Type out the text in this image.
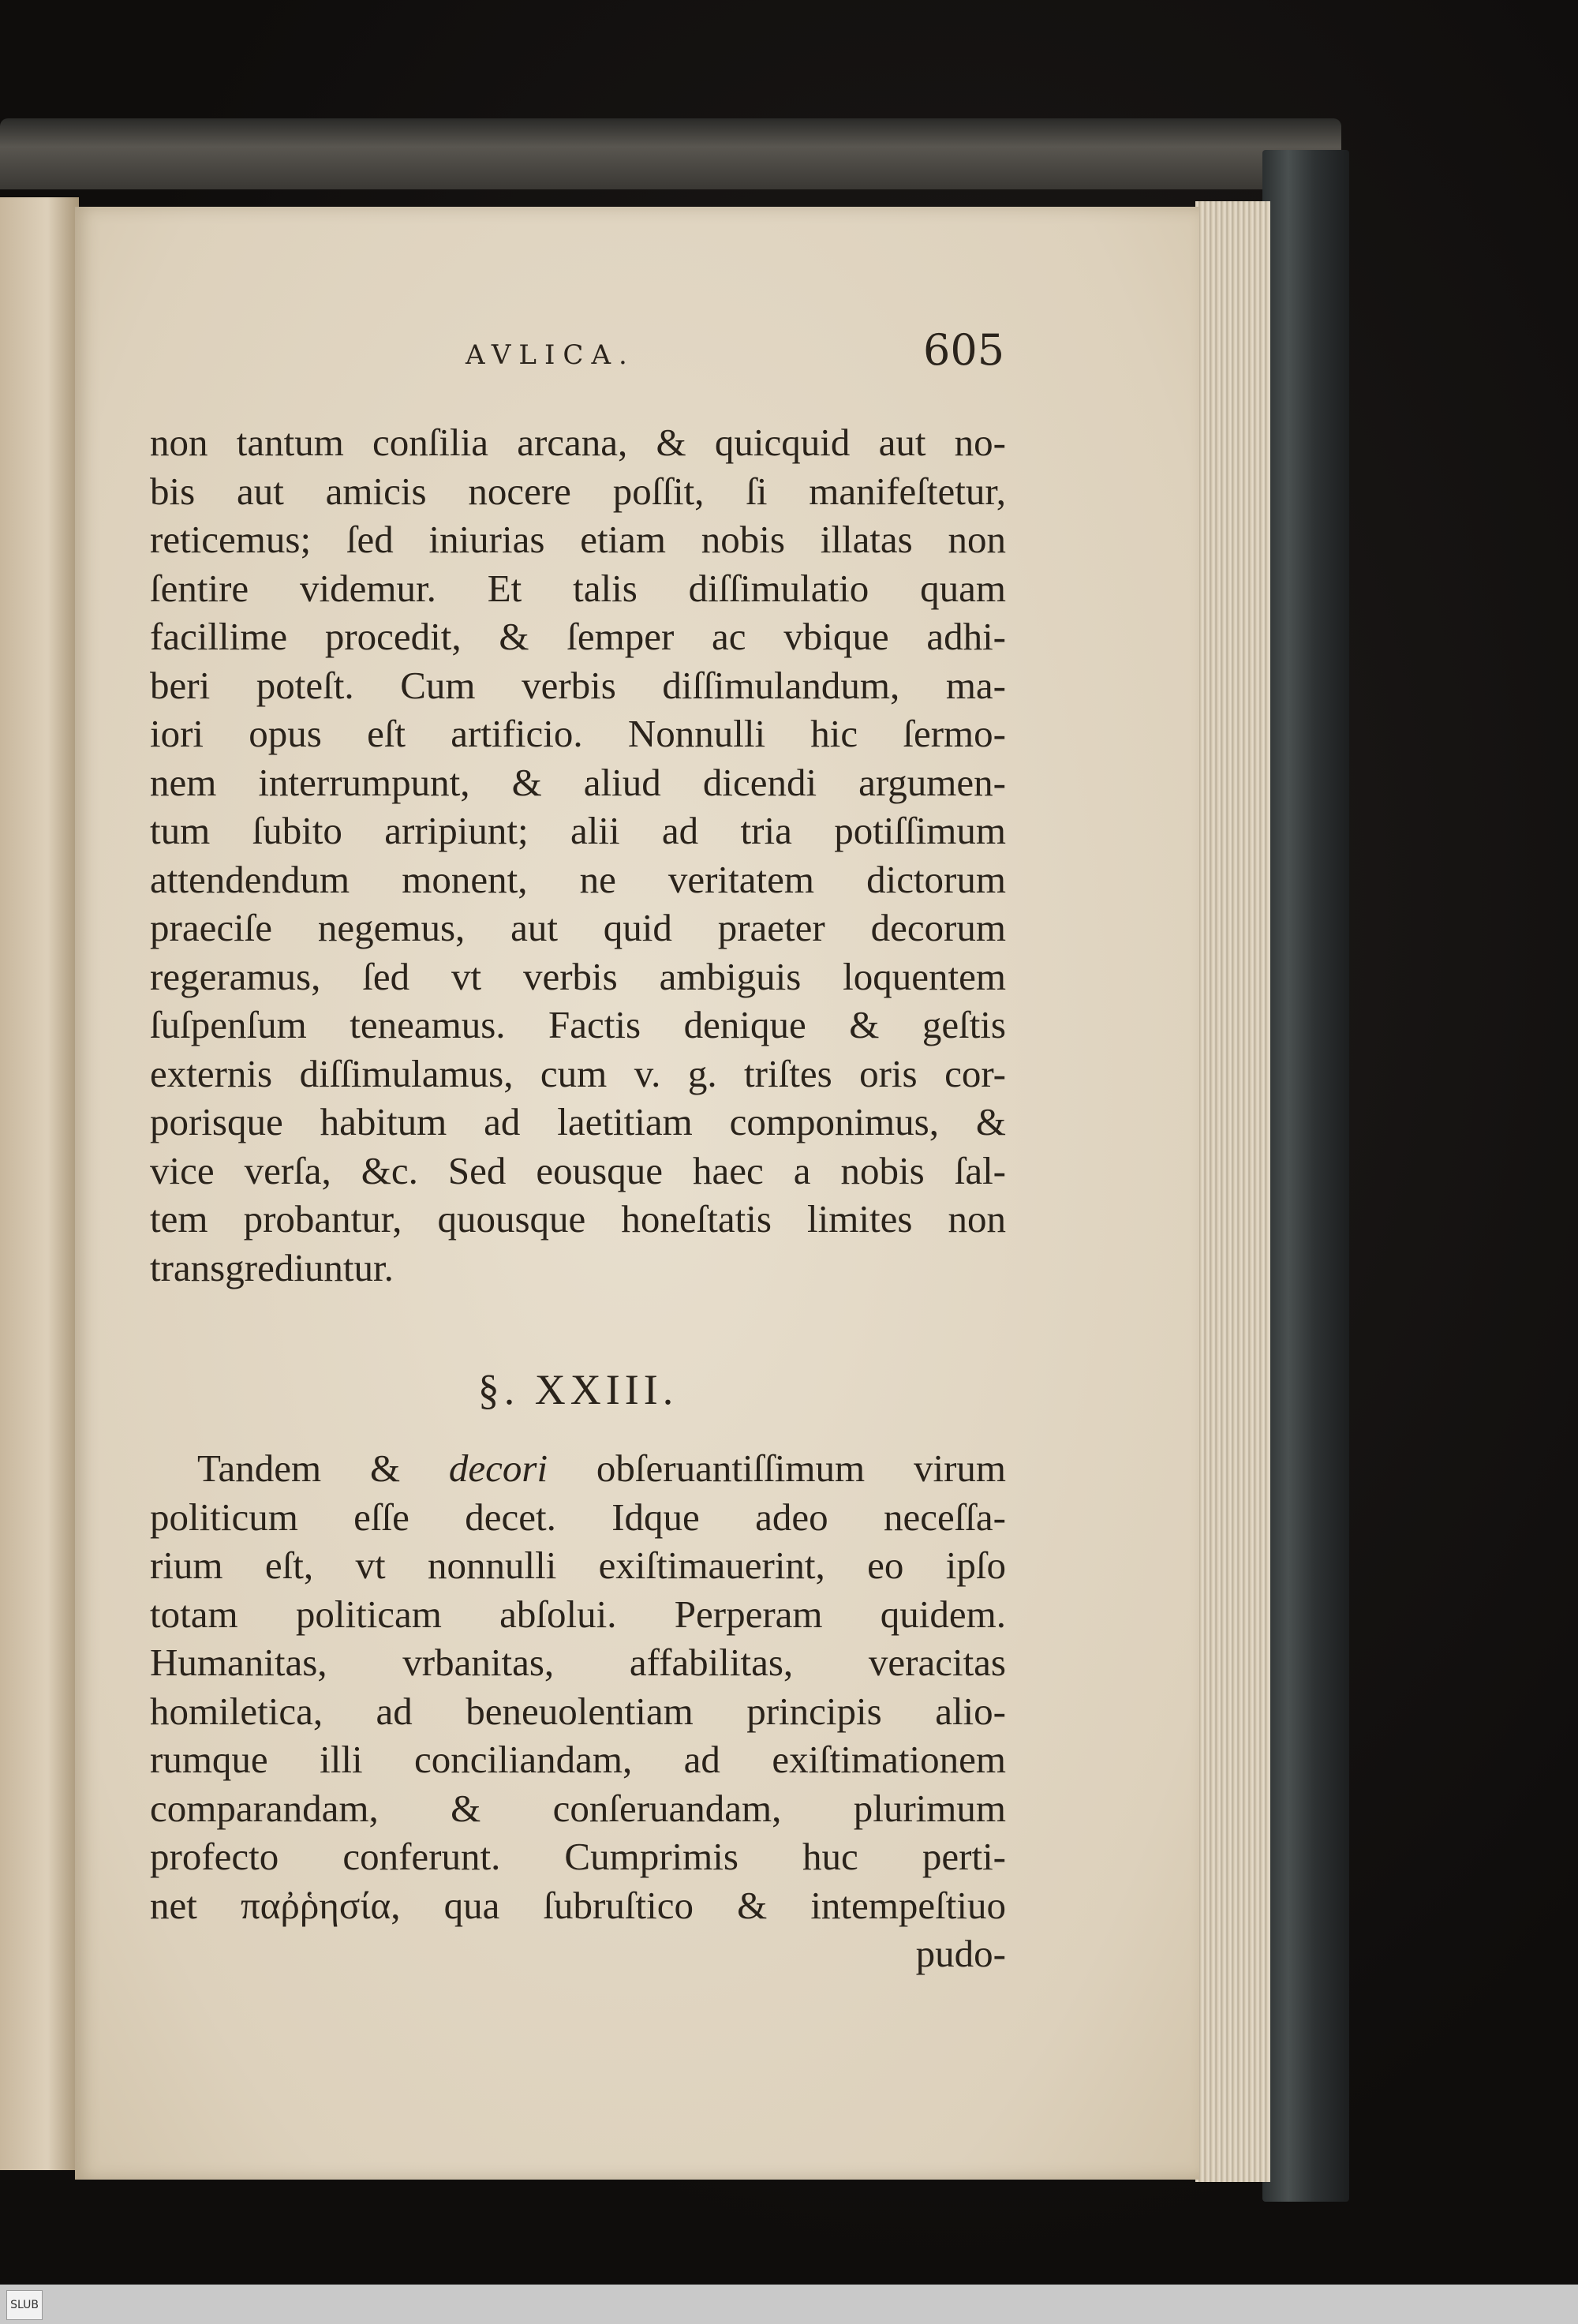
AVLICA.	605
non tantum conſilia arcana, & quicquid aut no-
bis aut amicis nocere poſſit, ſi manifeſtetur,
reticemus; ſed iniurias etiam nobis illatas non
ſentire videmur. Et talis diſſimulatio quam
facillime procedit, & ſemper ac vbique adhi-
beri poteſt. Cum verbis diſſimulandum, ma-
iori opus eſt artificio. Nonnulli hic ſermo-
nem interrumpunt, & aliud dicendi argumen-
tum ſubito arripiunt; alii ad tria potiſſimum
attendendum monent, ne veritatem dictorum
praeciſe negemus, aut quid praeter decorum
regeramus, ſed vt verbis ambiguis loquentem
ſuſpenſum teneamus. Factis denique & geſtis
externis diſſimulamus, cum v. g. triſtes oris cor-
porisque habitum ad laetitiam componimus, &
vice verſa, &c. Sed eousque haec a nobis ſal-
tem probantur, quousque honeſtatis limites non
transgrediuntur.
§. XXIII.
Tandem & decori obſeruantiſſimum virum
politicum eſſe decet. Idque adeo neceſſa-
rium eſt, vt nonnulli exiſtimauerint, eo ipſo
totam politicam abſolui. Perperam quidem.
Humanitas, vrbanitas, affabilitas, veracitas
homiletica, ad beneuolentiam principis alio-
rumque illi conciliandam, ad exiſtimationem
comparandam, & conſeruandam, plurimum
profecto conferunt. Cumprimis huc perti-
net παῤῥησία, qua ſubruſtico & intempeſtiuo
pudo-
SLUB
